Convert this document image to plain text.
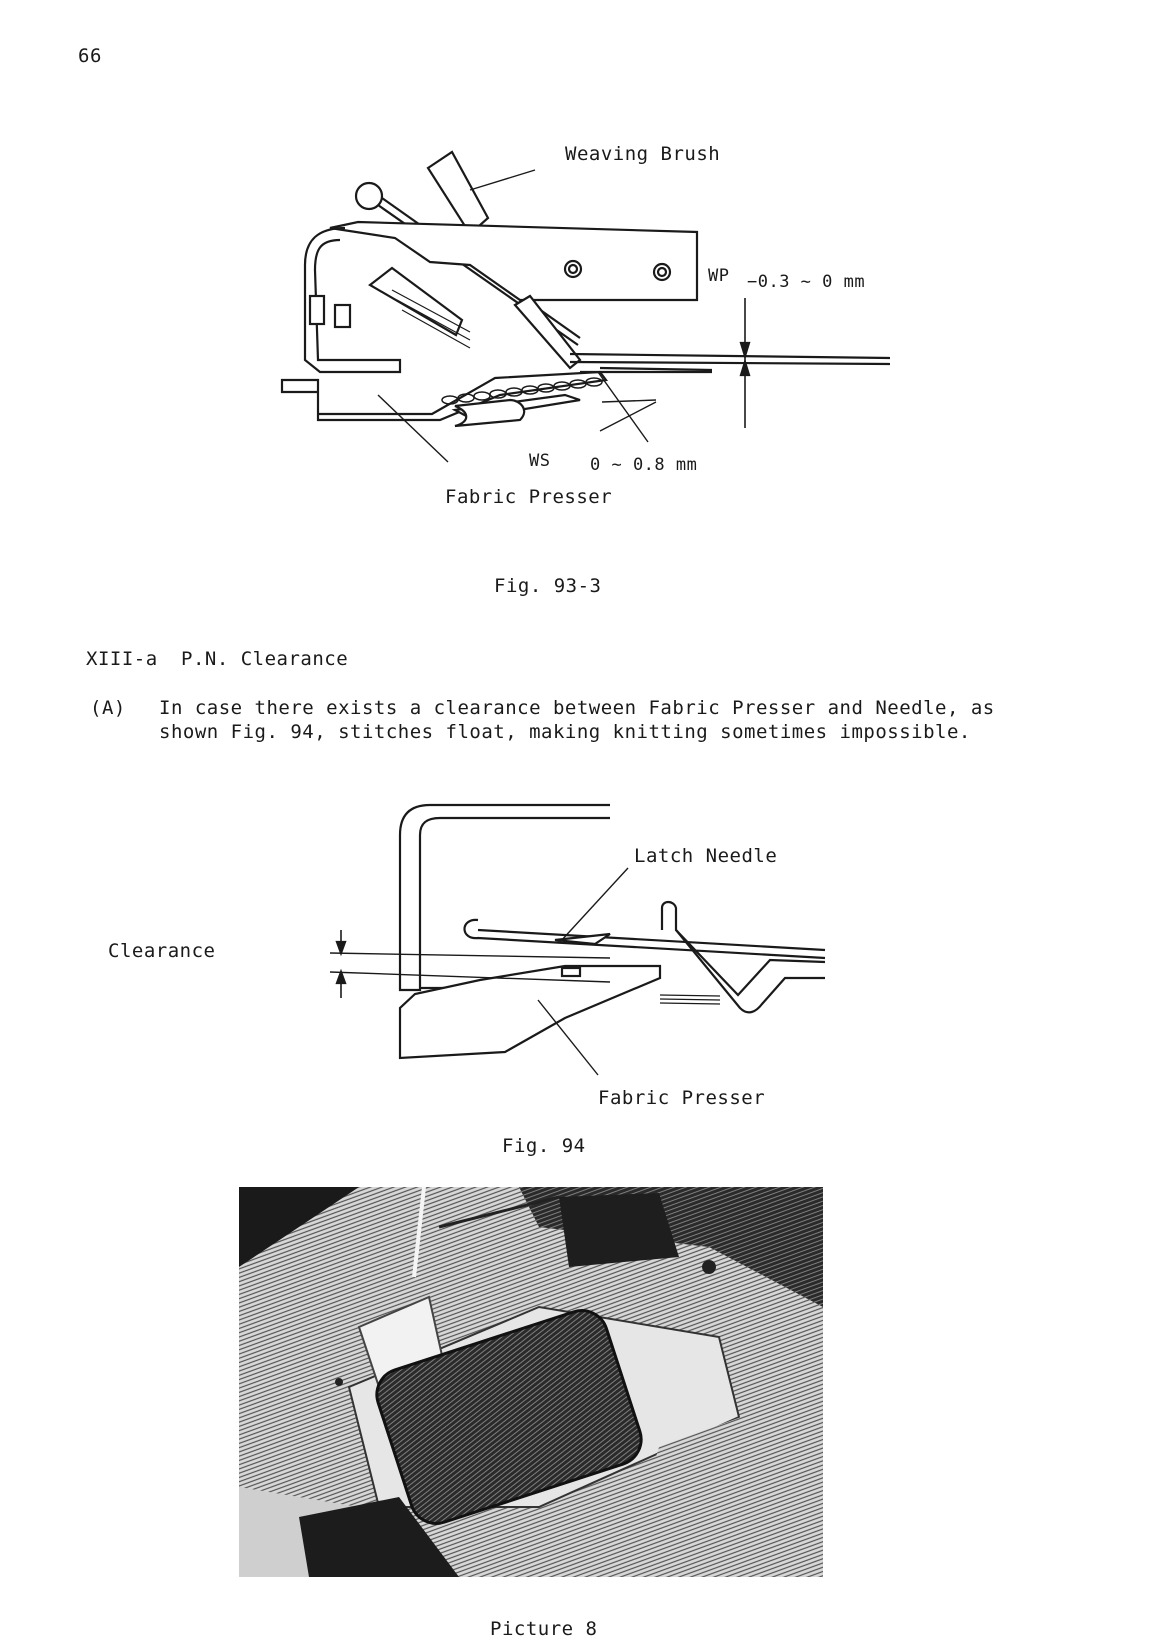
66
Weaving Brush
WP −0.3 ∼ 0 mm
WS 0 ∼ 0.8 mm
Fabric Presser
Fig. 93-3
XIII-a P.N. Clearance
(A) In case there exists a clearance between Fabric Presser and Needle, as
shown Fig. 94, stitches float, making knitting sometimes impossible.
Latch Needle
Clearance
Fabric Presser
Fig. 94
Picture 8
